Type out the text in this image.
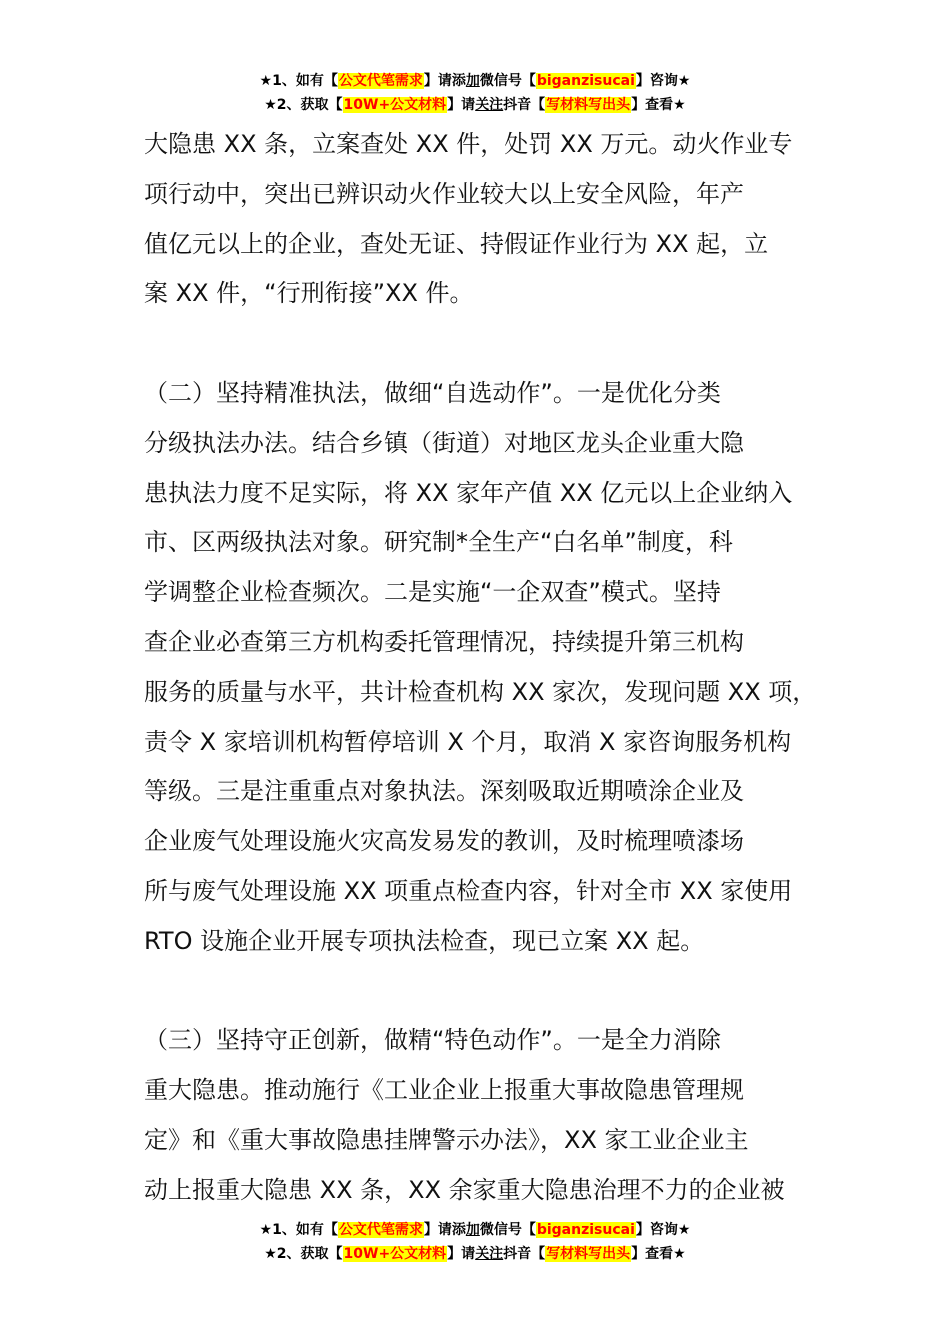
★1、如有【公文代笔需求】请添加微信号【biganzisucai】咨询★
★2、获取【10W+公文材料】请关注抖音【写材料写出头】查看★

大隐患 XX 条，立案查处 XX 件，处罚 XX 万元。动火作业专
项行动中，突出已辨识动火作业较大以上安全风险，年产
值亿元以上的企业，查处无证、持假证作业行为 XX 起，立
案 XX 件，“行刑衔接”XX 件。

（二）坚持精准执法，做细“自选动作”。一是优化分类
分级执法办法。结合乡镇（街道）对地区龙头企业重大隐
患执法力度不足实际，将 XX 家年产值 XX 亿元以上企业纳入
市、区两级执法对象。研究制*全生产“白名单”制度，科
学调整企业检查频次。二是实施“一企双查”模式。坚持
查企业必查第三方机构委托管理情况，持续提升第三机构
服务的质量与水平，共计检查机构 XX 家次，发现问题 XX 项，
责令 X 家培训机构暂停培训 X 个月，取消 X 家咨询服务机构
等级。三是注重重点对象执法。深刻吸取近期喷涂企业及
企业废气处理设施火灾高发易发的教训，及时梳理喷漆场
所与废气处理设施 XX 项重点检查内容，针对全市 XX 家使用
RTO 设施企业开展专项执法检查，现已立案 XX 起。

（三）坚持守正创新，做精“特色动作”。一是全力消除
重大隐患。推动施行《工业企业上报重大事故隐患管理规
定》和《重大事故隐患挂牌警示办法》，XX 家工业企业主
动上报重大隐患 XX 条，XX 余家重大隐患治理不力的企业被

★1、如有【公文代笔需求】请添加微信号【biganzisucai】咨询★
★2、获取【10W+公文材料】请关注抖音【写材料写出头】查看★
